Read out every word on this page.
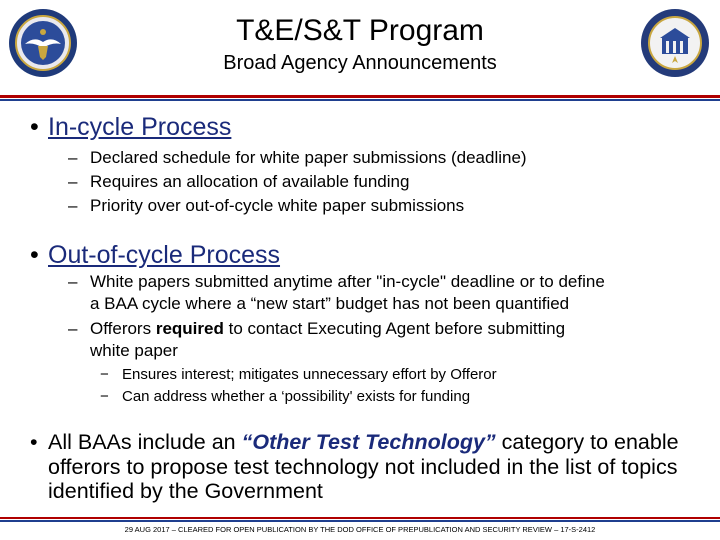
T&E/S&T Program
Broad Agency Announcements
• In-cycle Process
– Declared schedule for white paper submissions (deadline)
– Requires an allocation of available funding
– Priority over out-of-cycle white paper submissions
• Out-of-cycle Process
– White papers submitted anytime after "in-cycle" deadline or to define
a BAA cycle where a “new start” budget has not been quantified
– Offerors required to contact Executing Agent before submitting
white paper
− Ensures interest; mitigates unnecessary effort by Offeror
− Can address whether a ‘possibility' exists for funding
• All BAAs include an “Other Test Technology” category to enable offerors to propose test technology not included in the list of topics identified by the Government
29 AUG 2017 – CLEARED FOR OPEN PUBLICATION BY THE DOD OFFICE OF PREPUBLICATION AND SECURITY REVIEW – 17-S-2412
